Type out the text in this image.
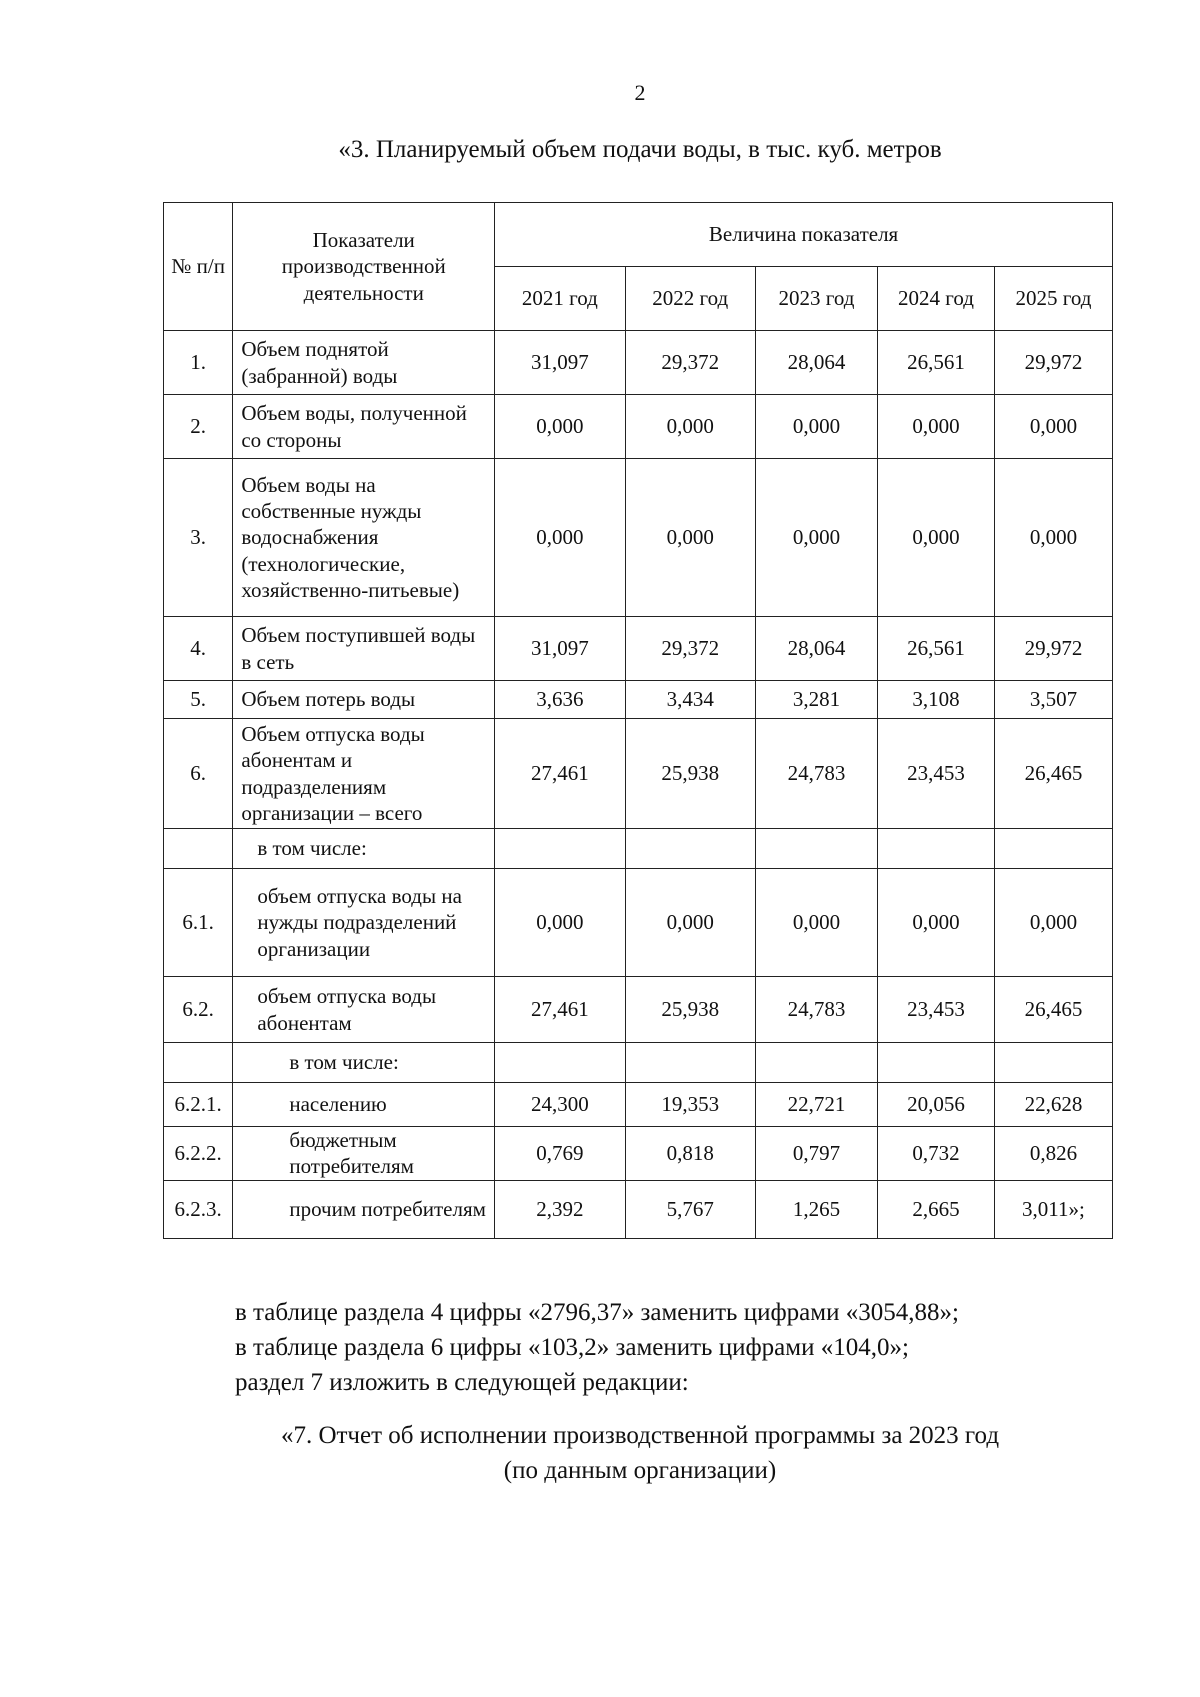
2
«3. Планируемый объем подачи воды, в тыс. куб. метров
№ п/п	Показатели производственной деятельности	Величина показателя				
		2021 год	2022 год	2023 год	2024 год	2025 год
1.	Объем поднятой (забранной) воды	31,097	29,372	28,064	26,561	29,972
2.	Объем воды, полученной со стороны	0,000	0,000	0,000	0,000	0,000
3.	Объем воды на собственные нужды водоснабжения (технологические, хозяйственно-питьевые)	0,000	0,000	0,000	0,000	0,000
4.	Объем поступившей воды в сеть	31,097	29,372	28,064	26,561	29,972
5.	Объем потерь воды	3,636	3,434	3,281	3,108	3,507
6.	Объем отпуска воды абонентам и подразделениям организации – всего	27,461	25,938	24,783	23,453	26,465
	в том числе:					
6.1.	объем отпуска воды на нужды подразделений организации	0,000	0,000	0,000	0,000	0,000
6.2.	объем отпуска воды абонентам	27,461	25,938	24,783	23,453	26,465
	в том числе:					
6.2.1.	населению	24,300	19,353	22,721	20,056	22,628
6.2.2.	бюджетным потребителям	0,769	0,818	0,797	0,732	0,826
6.2.3.	прочим потребителям	2,392	5,767	1,265	2,665	3,011»;
в таблице раздела 4 цифры «2796,37» заменить цифрами «3054,88»;
в таблице раздела 6 цифры «103,2» заменить цифрами «104,0»;
раздел 7 изложить в следующей редакции:
«7. Отчет об исполнении производственной программы за 2023 год
(по данным организации)
